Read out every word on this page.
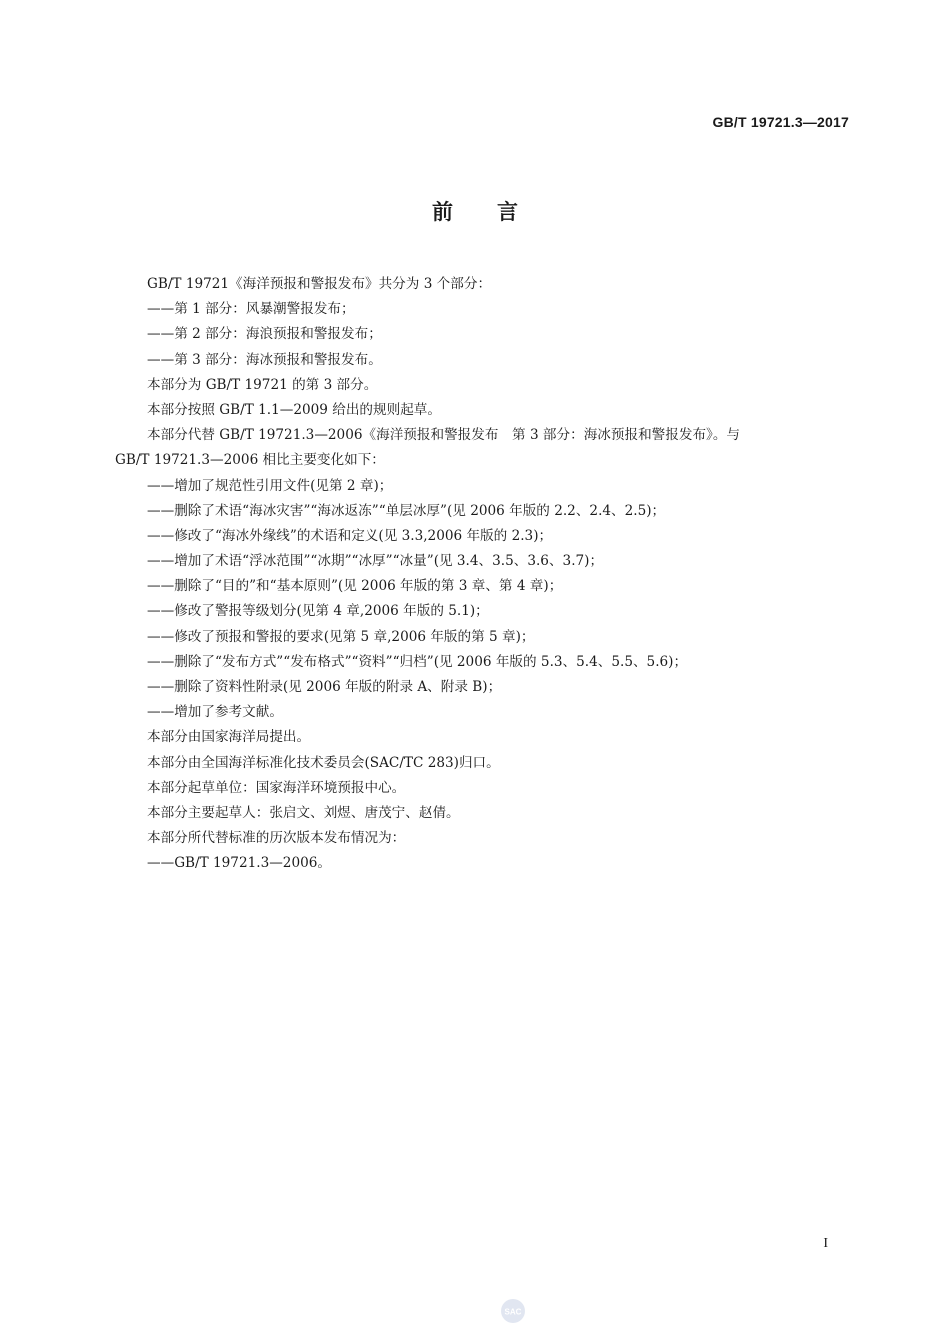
GB/T 19721.3—2017
前言
GB/T 19721《海洋预报和警报发布》共分为 3 个部分：
——第 1 部分：风暴潮警报发布；
——第 2 部分：海浪预报和警报发布；
——第 3 部分：海冰预报和警报发布。
本部分为 GB/T 19721 的第 3 部分。
本部分按照 GB/T 1.1—2009 给出的规则起草。
本部分代替 GB/T 19721.3—2006《海洋预报和警报发布　第 3 部分：海冰预报和警报发布》。与
GB/T 19721.3—2006 相比主要变化如下：
——增加了规范性引用文件(见第 2 章)；
——删除了术语“海冰灾害”“海冰返冻”“单层冰厚”(见 2006 年版的 2.2、2.4、2.5)；
——修改了“海冰外缘线”的术语和定义(见 3.3,2006 年版的 2.3)；
——增加了术语“浮冰范围”“冰期”“冰厚”“冰量”(见 3.4、3.5、3.6、3.7)；
——删除了“目的”和“基本原则”(见 2006 年版的第 3 章、第 4 章)；
——修改了警报等级划分(见第 4 章,2006 年版的 5.1)；
——修改了预报和警报的要求(见第 5 章,2006 年版的第 5 章)；
——删除了“发布方式”“发布格式”“资料”“归档”(见 2006 年版的 5.3、5.4、5.5、5.6)；
——删除了资料性附录(见 2006 年版的附录 A、附录 B)；
——增加了参考文献。
本部分由国家海洋局提出。
本部分由全国海洋标准化技术委员会(SAC/TC 283)归口。
本部分起草单位：国家海洋环境预报中心。
本部分主要起草人：张启文、刘煜、唐茂宁、赵倩。
本部分所代替标准的历次版本发布情况为：
——GB/T 19721.3—2006。
I
SAC
